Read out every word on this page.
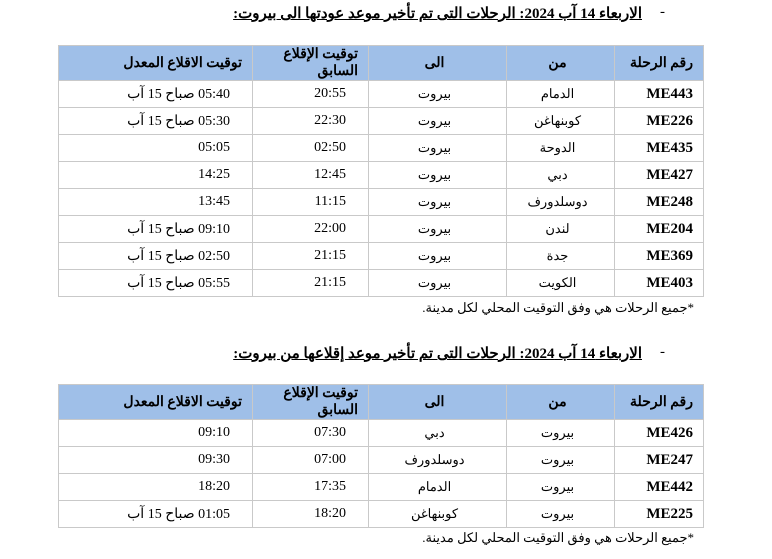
-
الاربعاء 14 آب 2024: الرحلات التى تم تأخير موعد عودتها الى بيروت:
رقم الرحلة	من	الى	توقيت الإقلاع السابق	توقيت الاقلاع المعدل
ME443	الدمام	بيروت	20:55	05:40 صباح 15 آب
ME226	كوبنهاغن	بيروت	22:30	05:30 صباح 15 آب
ME435	الدوحة	بيروت	02:50	05:05
ME427	دبي	بيروت	12:45	14:25
ME248	دوسلدورف	بيروت	11:15	13:45
ME204	لندن	بيروت	22:00	09:10 صباح 15 آب
ME369	جدة	بيروت	21:15	02:50 صباح 15 آب
ME403	الكويت	بيروت	21:15	05:55 صباح 15 آب
*جميع الرحلات هي وفق التوقيت المحلي لكل مدينة.
-
الاربعاء 14 آب 2024: الرحلات التى تم تأخير موعد إقلاعها من بيروت:
رقم الرحلة	من	الى	توقيت الإقلاع السابق	توقيت الاقلاع المعدل
ME426	بيروت	دبي	07:30	09:10
ME247	بيروت	دوسلدورف	07:00	09:30
ME442	بيروت	الدمام	17:35	18:20
ME225	بيروت	كوبنهاغن	18:20	01:05 صباح 15 آب
*جميع الرحلات هي وفق التوقيت المحلي لكل مدينة.
